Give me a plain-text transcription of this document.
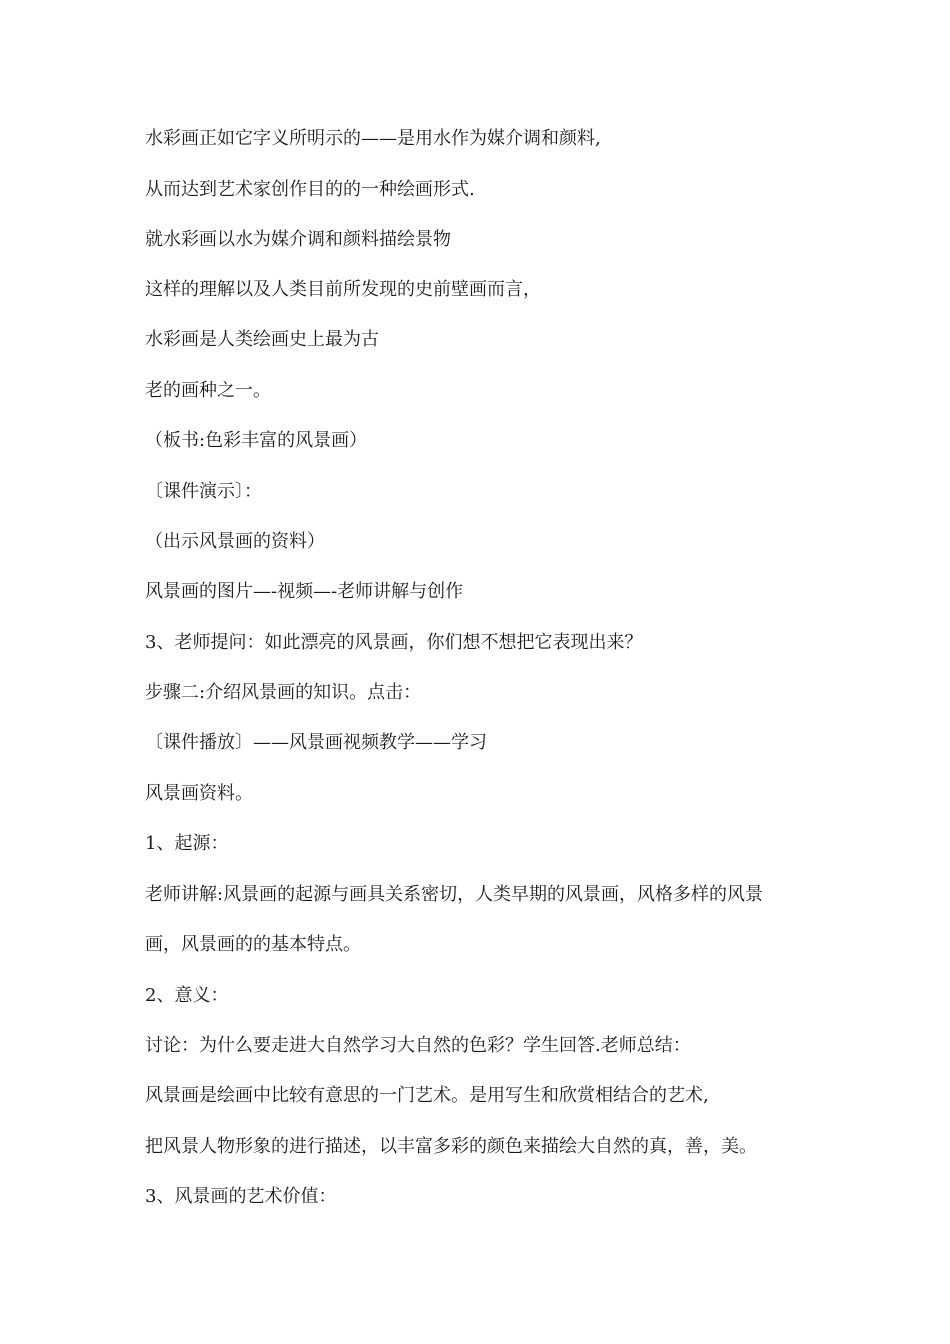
水彩画正如它字义所明示的——是用水作为媒介调和颜料,

从而达到艺术家创作目的的一种绘画形式.

就水彩画以水为媒介调和颜料描绘景物

这样的理解以及人类目前所发现的史前壁画而言，

水彩画是人类绘画史上最为古

老的画种之一。

（板书:色彩丰富的风景画）

〔课件演示〕：

（出示风景画的资料）

风景画的图片—-视频—-老师讲解与创作

3、老师提问：如此漂亮的风景画，你们想不想把它表现出来？

步骤二:介绍风景画的知识。点击：

〔课件播放〕——风景画视频教学——学习

风景画资料。

1、起源：

老师讲解:风景画的起源与画具关系密切，人类早期的风景画，风格多样的风景

画，风景画的的基本特点。

2、意义：

讨论：为什么要走进大自然学习大自然的色彩？学生回答.老师总结：

风景画是绘画中比较有意思的一门艺术。是用写生和欣赏相结合的艺术,

把风景人物形象的进行描述，以丰富多彩的颜色来描绘大自然的真，善，美。

3、风景画的艺术价值：
